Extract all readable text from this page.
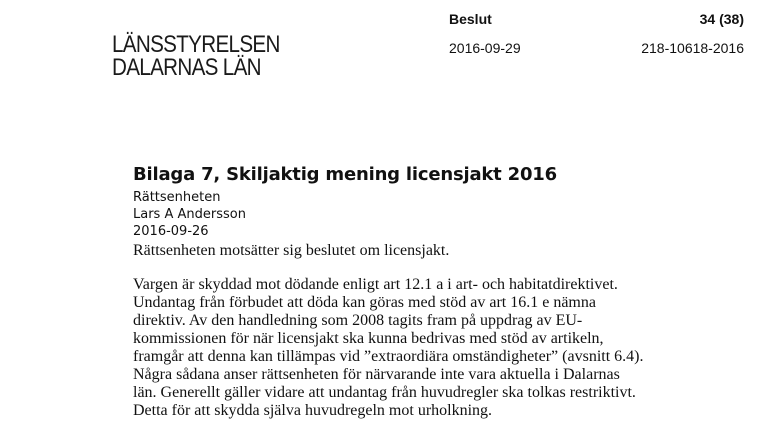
LÄNSSTYRELSEN
DALARNAS LÄN
Beslut	34 (38)
2016-09-29	218-10618-2016
Bilaga 7, Skiljaktig mening licensjakt 2016
Rättsenheten
Lars A Andersson
2016-09-26
Rättsenheten motsätter sig beslutet om licensjakt.
Vargen är skyddad mot dödande enligt art 12.1 a i art- och habitatdirektivet.
Undantag från förbudet att döda kan göras med stöd av art 16.1 e nämna
direktiv. Av den handledning som 2008 tagits fram på uppdrag av EU-
kommissionen för när licensjakt ska kunna bedrivas med stöd av artikeln,
framgår att denna kan tillämpas vid ”extraordiära omständigheter” (avsnitt 6.4).
Några sådana anser rättsenheten för närvarande inte vara aktuella i Dalarnas
län. Generellt gäller vidare att undantag från huvudregler ska tolkas restriktivt.
Detta för att skydda själva huvudregeln mot urholkning.
